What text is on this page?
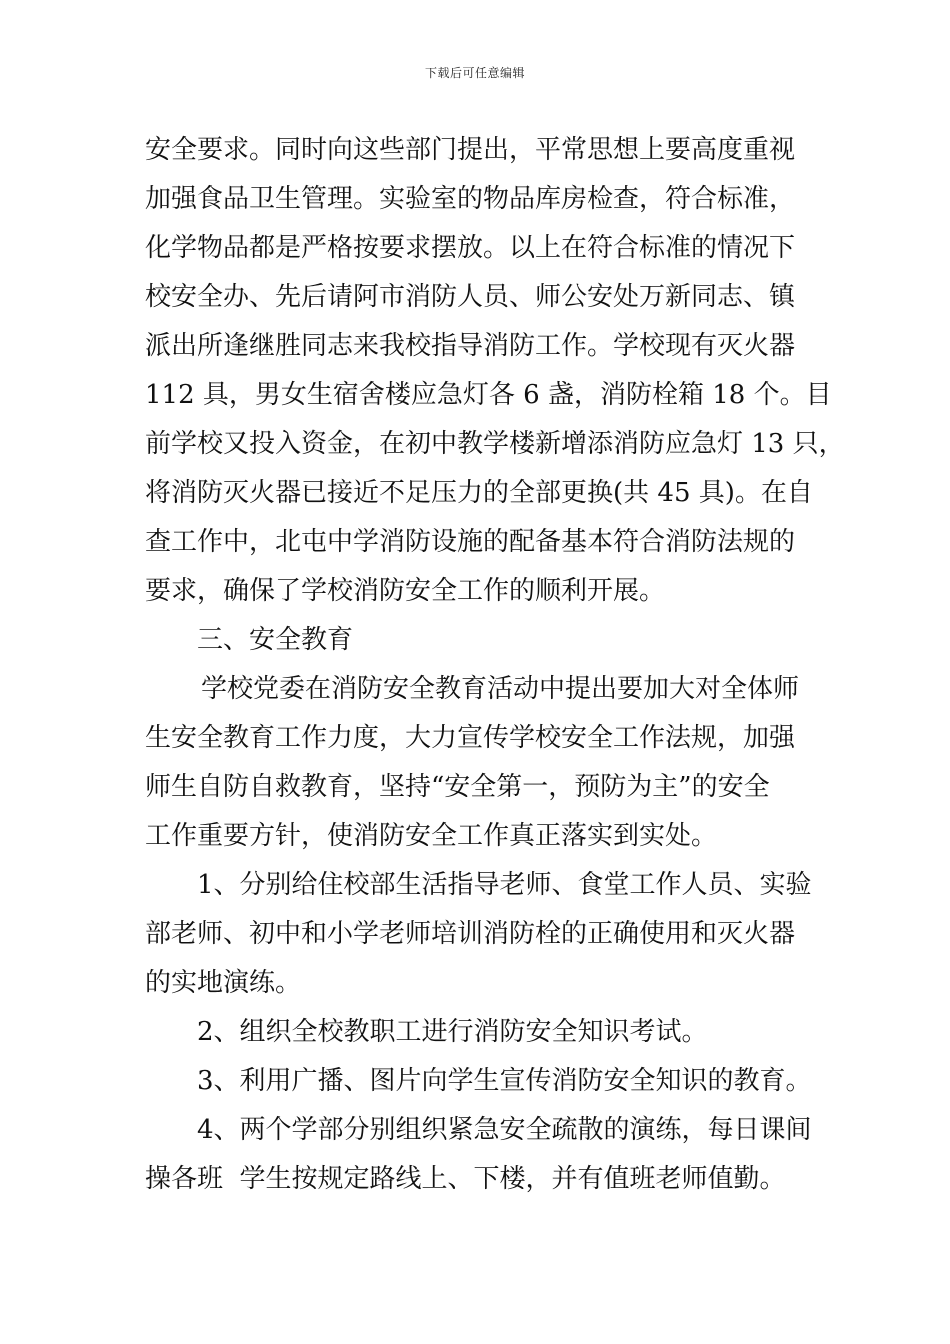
下载后可任意编辑
安全要求。同时向这些部门提出，平常思想上要高度重视
加强食品卫生管理。实验室的物品库房检查，符合标准，
化学物品都是严格按要求摆放。以上在符合标准的情况下
校安全办、先后请阿市消防人员、师公安处万新同志、镇
派出所逢继胜同志来我校指导消防工作。学校现有灭火器
112 具，男女生宿舍楼应急灯各 6 盏，消防栓箱 18 个。目
前学校又投入资金，在初中教学楼新增添消防应急灯 13 只，
将消防灭火器已接近不足压力的全部更换(共 45 具)。在自
查工作中，北屯中学消防设施的配备基本符合消防法规的
要求，确保了学校消防安全工作的顺利开展。
三、安全教育
学校党委在消防安全教育活动中提出要加大对全体师
生安全教育工作力度，大力宣传学校安全工作法规，加强
师生自防自救教育，坚持“安全第一，预防为主”的安全
工作重要方针，使消防安全工作真正落实到实处。
1、分别给住校部生活指导老师、食堂工作人员、实验
部老师、初中和小学老师培训消防栓的正确使用和灭火器
的实地演练。
2、组织全校教职工进行消防安全知识考试。
3、利用广播、图片向学生宣传消防安全知识的教育。
4、两个学部分别组织紧急安全疏散的演练，每日课间
操各班  学生按规定路线上、下楼，并有值班老师值勤。
